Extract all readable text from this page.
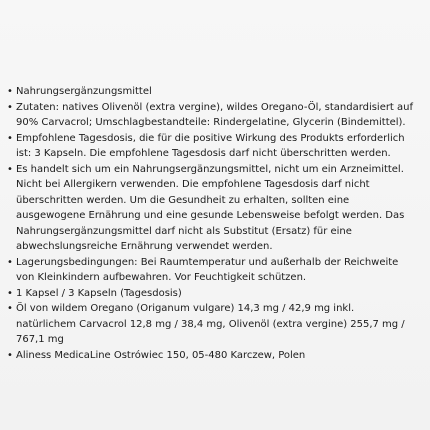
• Nahrungsergänzungsmittel
• Zutaten: natives Olivenöl (extra vergine), wildes Oregano-Öl, standardisiert auf
90% Carvacrol; Umschlagbestandteile: Rindergelatine, Glycerin (Bindemittel).
• Empfohlene Tagesdosis, die für die positive Wirkung des Produkts erforderlich
ist: 3 Kapseln. Die empfohlene Tagesdosis darf nicht überschritten werden.
• Es handelt sich um ein Nahrungsergänzungsmittel, nicht um ein Arzneimittel.
Nicht bei Allergikern verwenden. Die empfohlene Tagesdosis darf nicht
überschritten werden. Um die Gesundheit zu erhalten, sollten eine
ausgewogene Ernährung und eine gesunde Lebensweise befolgt werden. Das
Nahrungsergänzungsmittel darf nicht als Substitut (Ersatz) für eine
abwechslungsreiche Ernährung verwendet werden.
• Lagerungsbedingungen: Bei Raumtemperatur und außerhalb der Reichweite
von Kleinkindern aufbewahren. Vor Feuchtigkeit schützen.
• 1 Kapsel / 3 Kapseln (Tagesdosis)
• Öl von wildem Oregano (Origanum vulgare) 14,3 mg / 42,9 mg inkl.
natürlichem Carvacrol 12,8 mg / 38,4 mg, Olivenöl (extra vergine) 255,7 mg /
767,1 mg
• Aliness MedicaLine Ostrówiec 150, 05-480 Karczew, Polen
